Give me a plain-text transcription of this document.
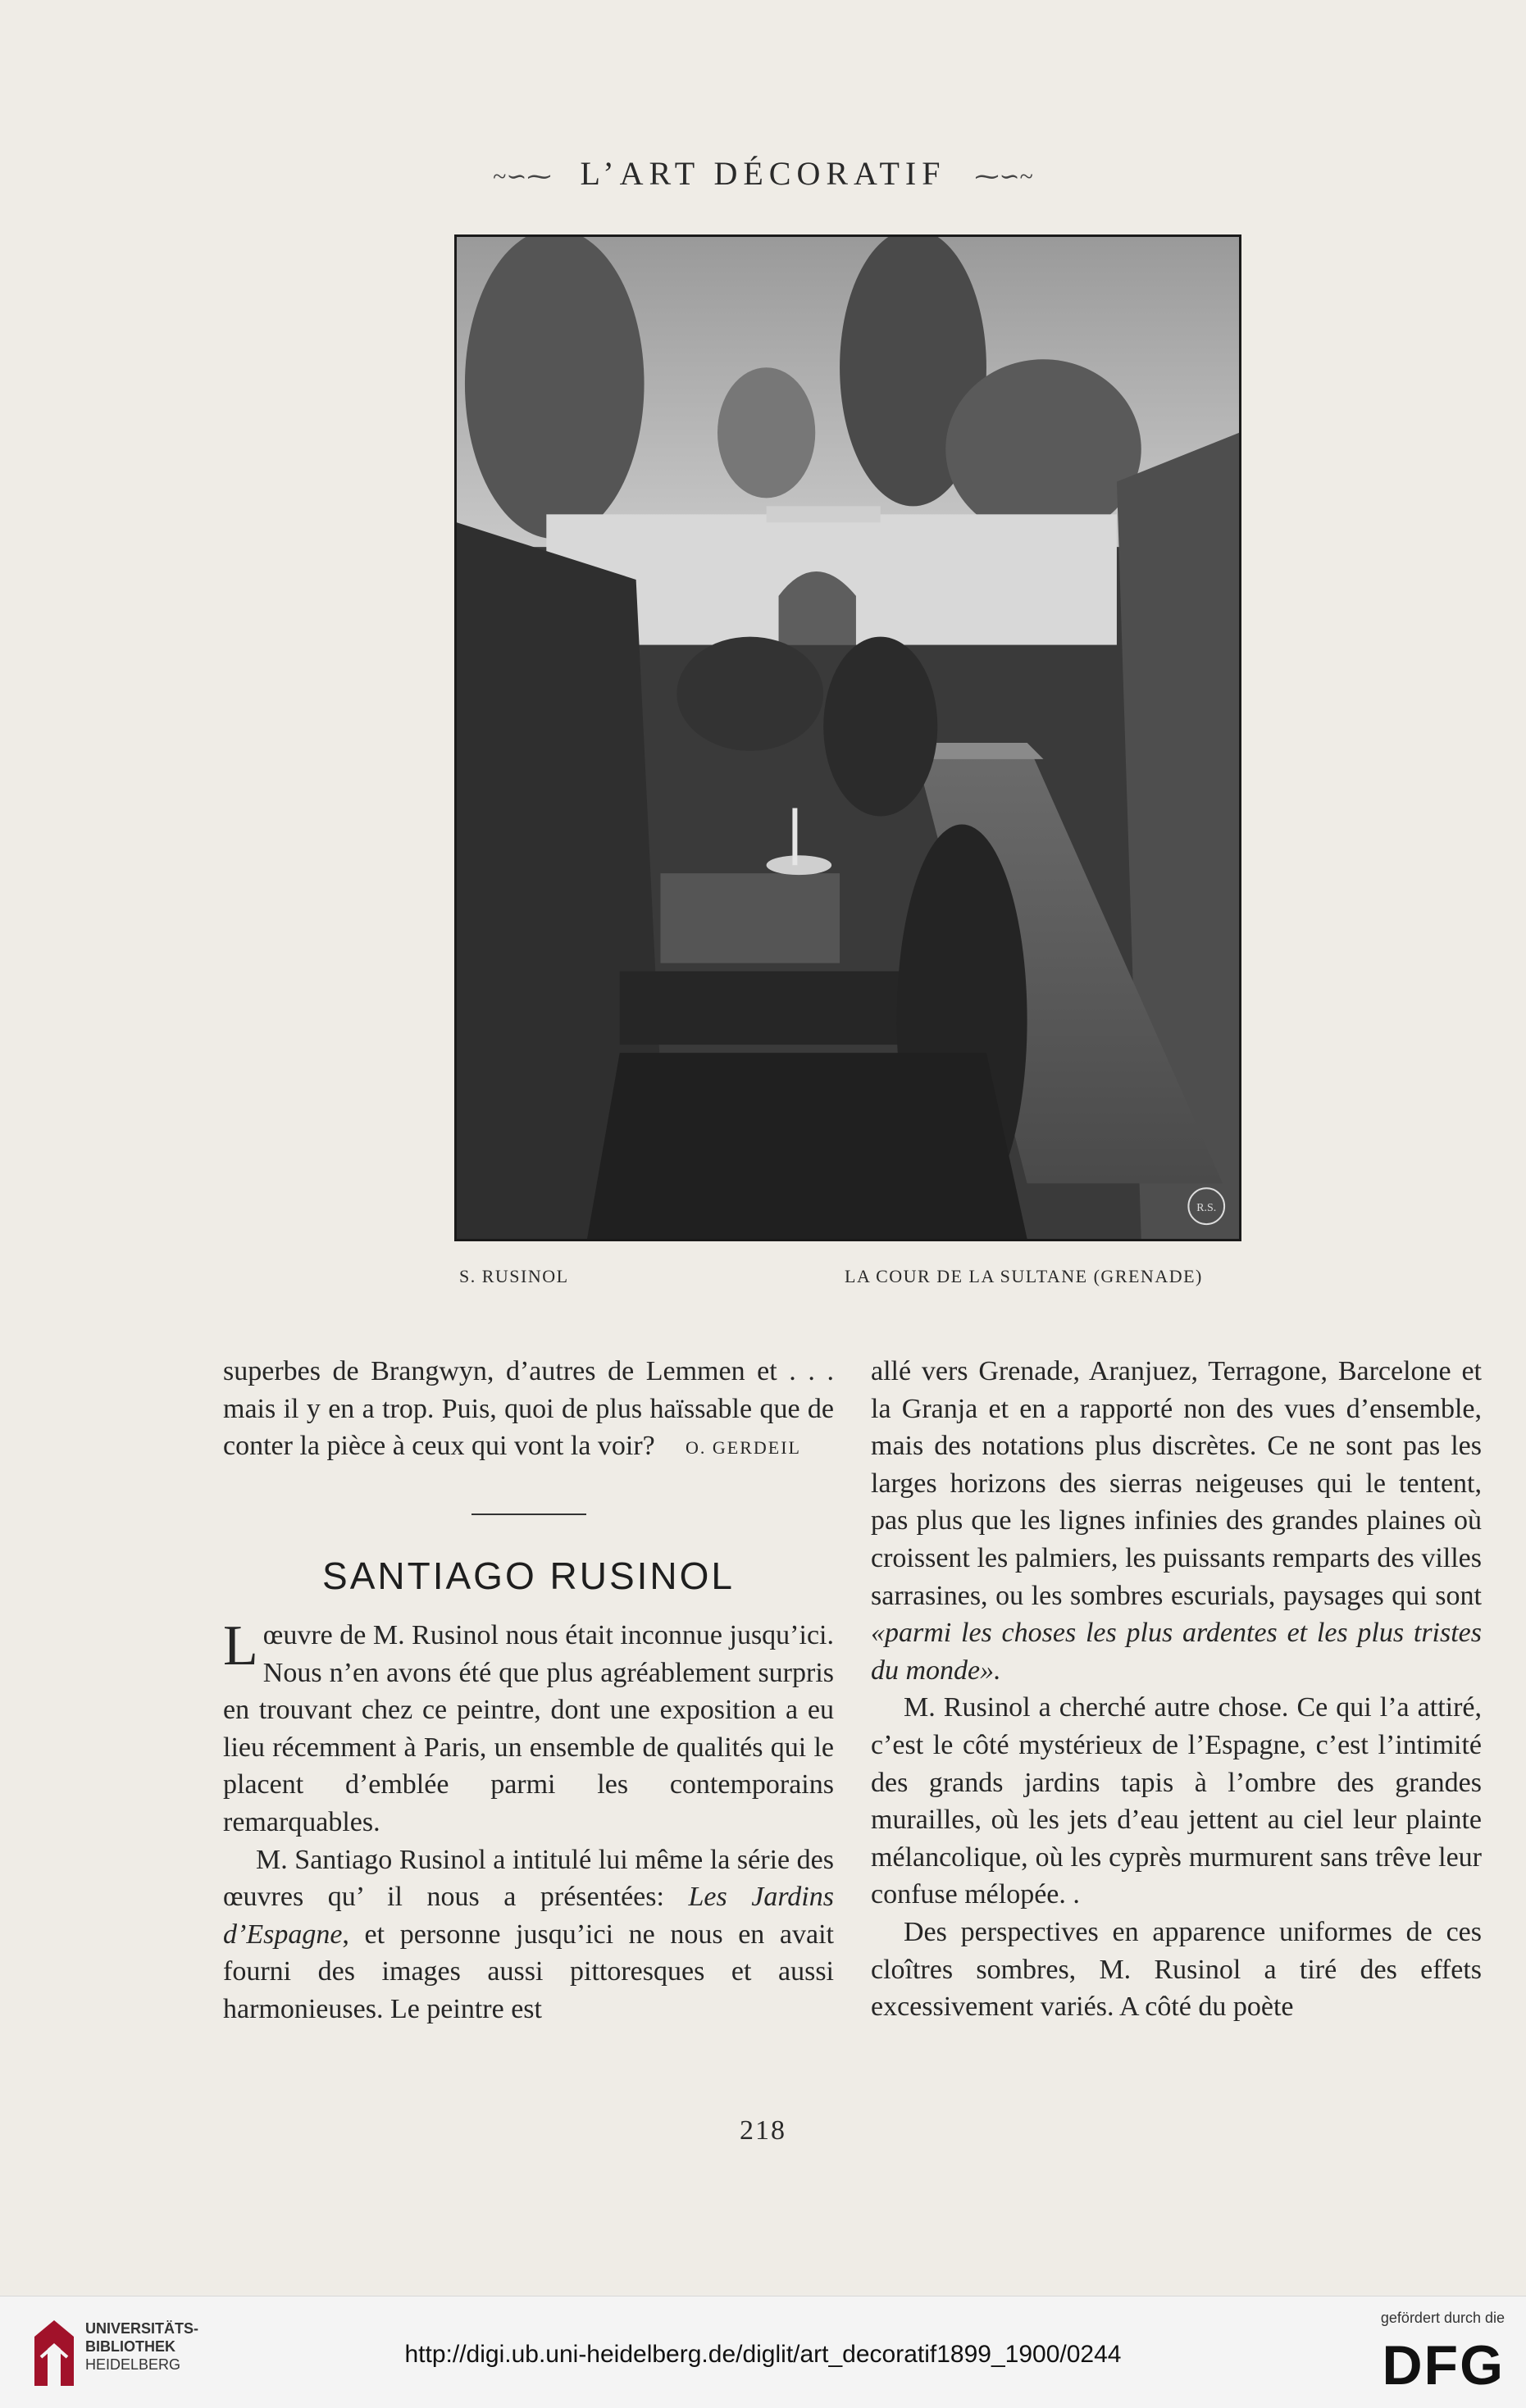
~∽⁓ L’ART DÉCORATIF ⁓∽~
R.S.
S. RUSINOL	LA COUR DE LA SULTANE (GRENADE)

superbes de Brangwyn, d’autres de Lemmen et . . . mais il y en a trop. Puis, quoi de plus haïssable que de conter la pièce à ceux qui vont la voir?	O. GERDEIL
SANTIAGO RUSINOL

Lœuvre de M. Rusinol nous était inconnue jusqu’ici. Nous n’en avons été que plus agréablement surpris en trouvant chez ce peintre, dont une exposition a eu lieu récemment à Paris, un ensemble de qualités qui le placent d’emblée parmi les contemporains remarquables.

M. Santiago Rusinol a intitulé lui même la série des œuvres qu’ il nous a présentées: Les Jardins d’Espagne, et personne jusqu’ici ne nous en avait fourni des images aussi pittoresques et aussi harmonieuses. Le peintre est

allé vers Grenade, Aranjuez, Terragone, Barcelone et la Granja et en a rapporté non des vues d’ensemble, mais des notations plus discrètes. Ce ne sont pas les larges horizons des sierras neigeuses qui le tentent, pas plus que les lignes infinies des grandes plaines où croissent les palmiers, les puissants remparts des villes sarrasines, ou les sombres escurials, paysages qui sont «parmi les choses les plus ardentes et les plus tristes du monde».

M. Rusinol a cherché autre chose. Ce qui l’a attiré, c’est le côté mystérieux de l’Espagne, c’est l’intimité des grands jardins tapis à l’ombre des grandes murailles, où les jets d’eau jettent au ciel leur plainte mélancolique, où les cyprès murmurent sans trêve leur confuse mélopée. .

Des perspectives en apparence uniformes de ces cloîtres sombres, M. Rusinol a tiré des effets excessivement variés. A côté du poète

218
UNIVERSITÄTS-
BIBLIOTHEK
HEIDELBERG	http://digi.ub.uni-heidelberg.de/diglit/art_decoratif1899_1900/0244
gefördert durch die
DFG
